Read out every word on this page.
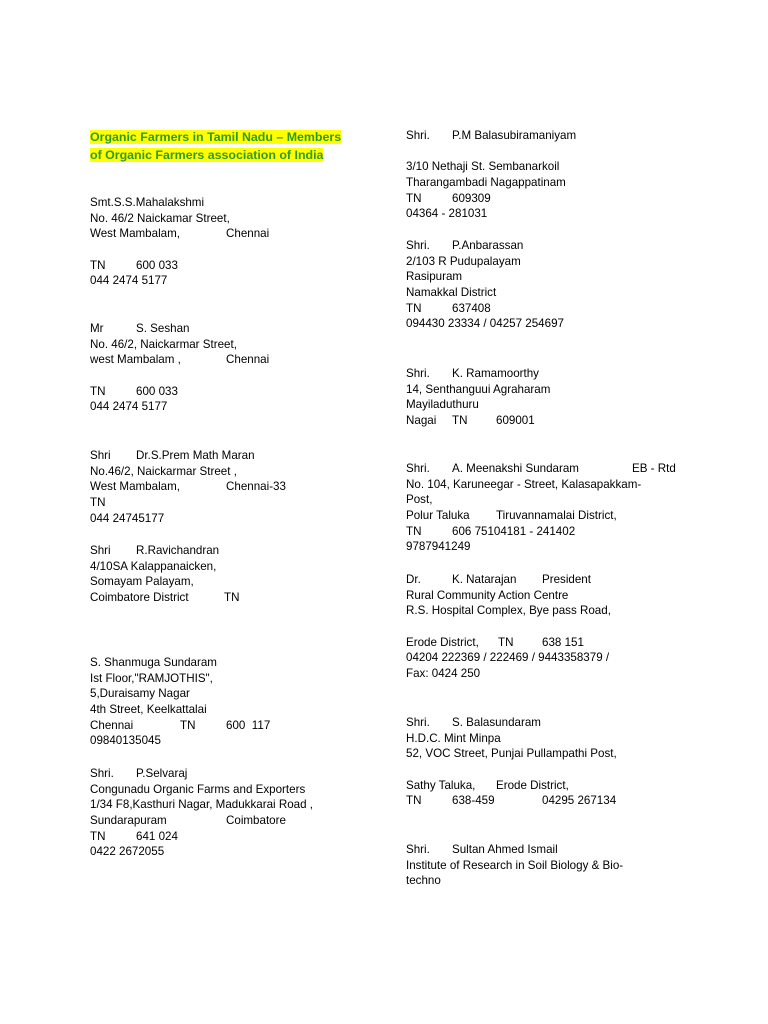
Organic Farmers in Tamil Nadu – Members
of Organic Farmers association of India
Smt.S.S.Mahalakshmi
No. 46/2 Naickamar Street,
West Mambalam,	Chennai
TN	600 033
044 2474 5177
Mr	S. Seshan
No. 46/2, Naickarmar Street,
west Mambalam ,	Chennai
TN	600 033
044 2474 5177
Shri Dr.S.Prem Math Maran
No.46/2, Naickarmar Street ,
West Mambalam,	Chennai-33
TN
044 24745177
Shri R.Ravichandran
4/10SA Kalappanaicken,
Somayam Palayam,
Coimbatore District	TN
S. Shanmuga Sundaram
Ist Floor,"RAMJOTHIS",
5,Duraisamy Nagar
4th Street, Keelkattalai
Chennai	TN	600  117
09840135045
Shri. P.Selvaraj
Congunadu Organic Farms and Exporters
1/34 F8,Kasthuri Nagar, Madukkarai Road ,
Sundarapuram	Coimbatore
TN	641 024
0422 2672055
Shri. P.M Balasubiramaniyam
3/10 Nethaji St. Sembanarkoil
Tharangambadi Nagappatinam
TN	609309
04364 - 281031
Shri. P.Anbarassan
2/103 R Pudupalayam
Rasipuram
Namakkal District
TN	637408
094430 23334 / 04257 254697
Shri. K. Ramamoorthy
14, Senthanguui Agraharam
Mayiladuthuru
Nagai TN 609001
Shri. A. Meenakshi Sundaram	EB - Rtd
No. 104, Karuneegar - Street, Kalasapakkam-
Post,
Polur Taluka Tiruvannamalai District,
TN	606 75104181 - 241402
9787941249
Dr.	K. Natarajan President
Rural Community Action Centre
R.S. Hospital Complex, Bye pass Road,
Erode District, TN 638 151
04204 222369 / 222469 / 9443358379 /
Fax: 0424 250
Shri. S. Balasundaram
H.D.C. Mint Minpa
52, VOC Street, Punjai Pullampathi Post,
Sathy Taluka, Erode District,
TN	638-459	04295 267134
Shri. Sultan Ahmed Ismail
Institute of Research in Soil Biology & Bio-
techno
